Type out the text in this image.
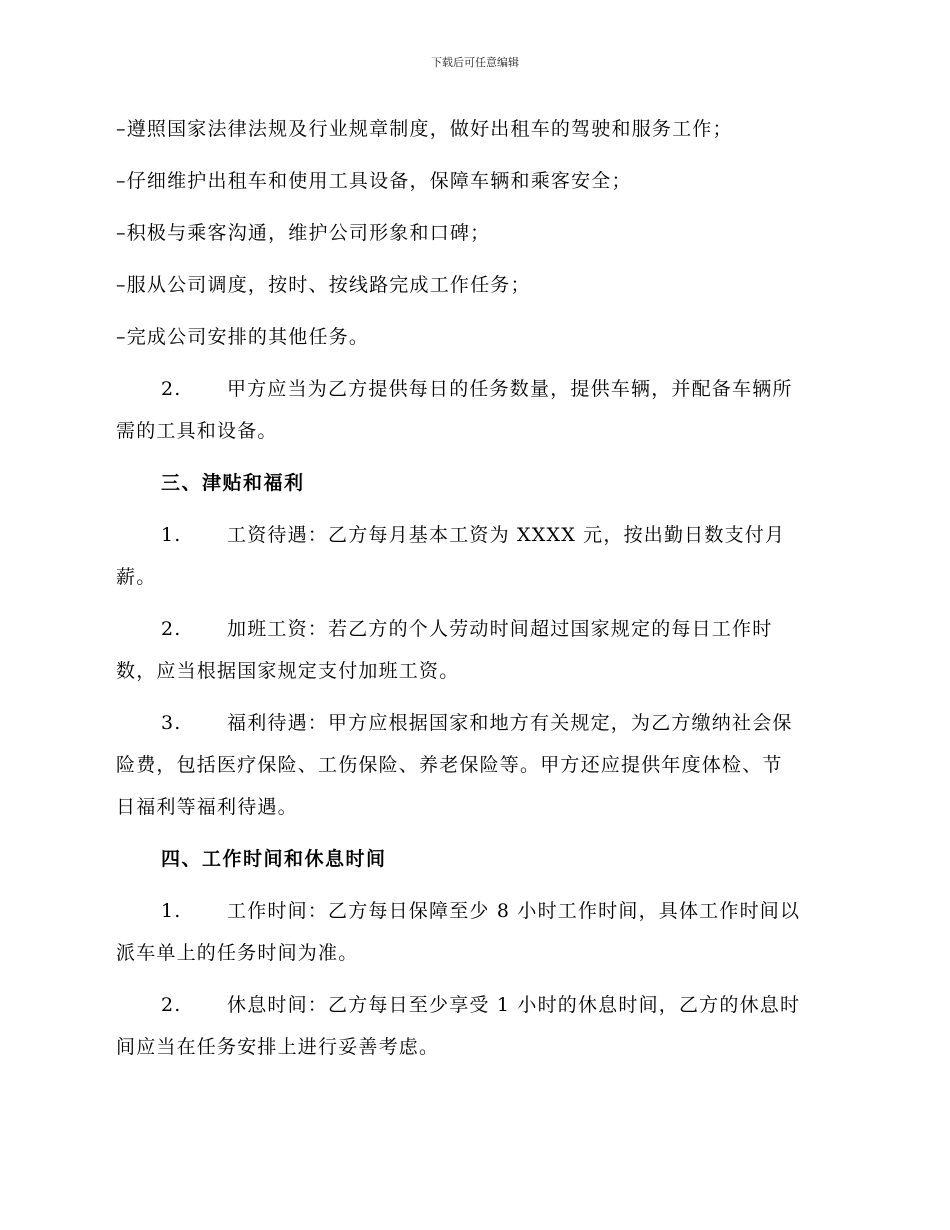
下载后可任意编辑
–遵照国家法律法规及行业规章制度，做好出租车的驾驶和服务工作；
–仔细维护出租车和使用工具设备，保障车辆和乘客安全；
–积极与乘客沟通，维护公司形象和口碑；
–服从公司调度，按时、按线路完成工作任务；
–完成公司安排的其他任务。
2. 甲方应当为乙方提供每日的任务数量，提供车辆，并配备车辆所
需的工具和设备。
三、津贴和福利
1. 工资待遇：乙方每月基本工资为 XXXX 元，按出勤日数支付月
薪。
2. 加班工资：若乙方的个人劳动时间超过国家规定的每日工作时
数，应当根据国家规定支付加班工资。
3. 福利待遇：甲方应根据国家和地方有关规定，为乙方缴纳社会保
险费，包括医疗保险、工伤保险、养老保险等。甲方还应提供年度体检、节
日福利等福利待遇。
四、工作时间和休息时间
1. 工作时间：乙方每日保障至少 8 小时工作时间，具体工作时间以
派车单上的任务时间为准。
2. 休息时间：乙方每日至少享受 1 小时的休息时间，乙方的休息时
间应当在任务安排上进行妥善考虑。
